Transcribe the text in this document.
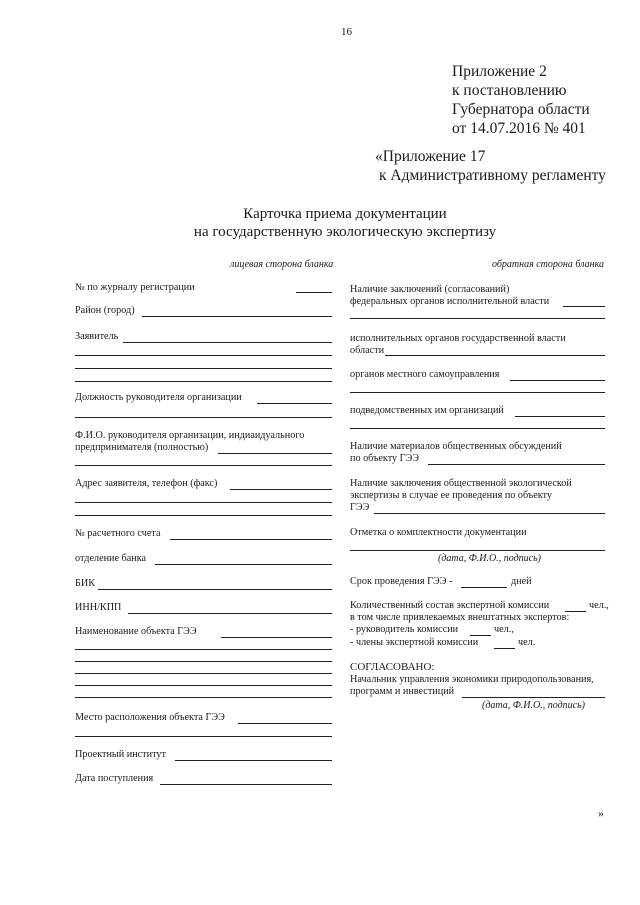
16
Приложение 2
к постановлению
Губернатора области
от 14.07.2016 № 401
«Приложение 17
к Административному регламенту
Карточка приема документации
на государственную экологическую экспертизу
лицевая сторона бланка	обратная сторона бланка
№ по журналу регистрации
Район (город)
Заявитель
Должность руководителя организации
Ф.И.О. руководителя организации, индиаидуального
предпринимателя (полностью)
Адрес заявителя, телефон (факс)
№ расчетного счета
отделение банка
БИК
ИНН/КПП
Наименование объекта ГЭЭ
Место расположения объекта ГЭЭ
Проектный институт
Дата поступления
Наличие заключений (согласований)
федеральных органов исполнительной власти
исполнительных органов государственной власти
области
органов местного самоуправления
подведомственных им организаций
Наличие материалов общественных обсуждений
по объекту ГЭЭ
Наличие заключения общественной экологической
экспертизы в случае ее проведения по объекту
ГЭЭ
Отметка о комплектности документации
(дата, Ф.И.О., подпись)
Срок проведения ГЭЭ -	дней
Количественный состав экспертной комиссии	чел.,
в том числе привлекаемых внештатных экспертов:
- руководитель комиссии	чел.,
- члены экспертной комиссии	чел.
СОГЛАСОВАНО:
Начальник управления экономики природопользования,
программ и инвестиций
(дата, Ф.И.О., подпись)
»
